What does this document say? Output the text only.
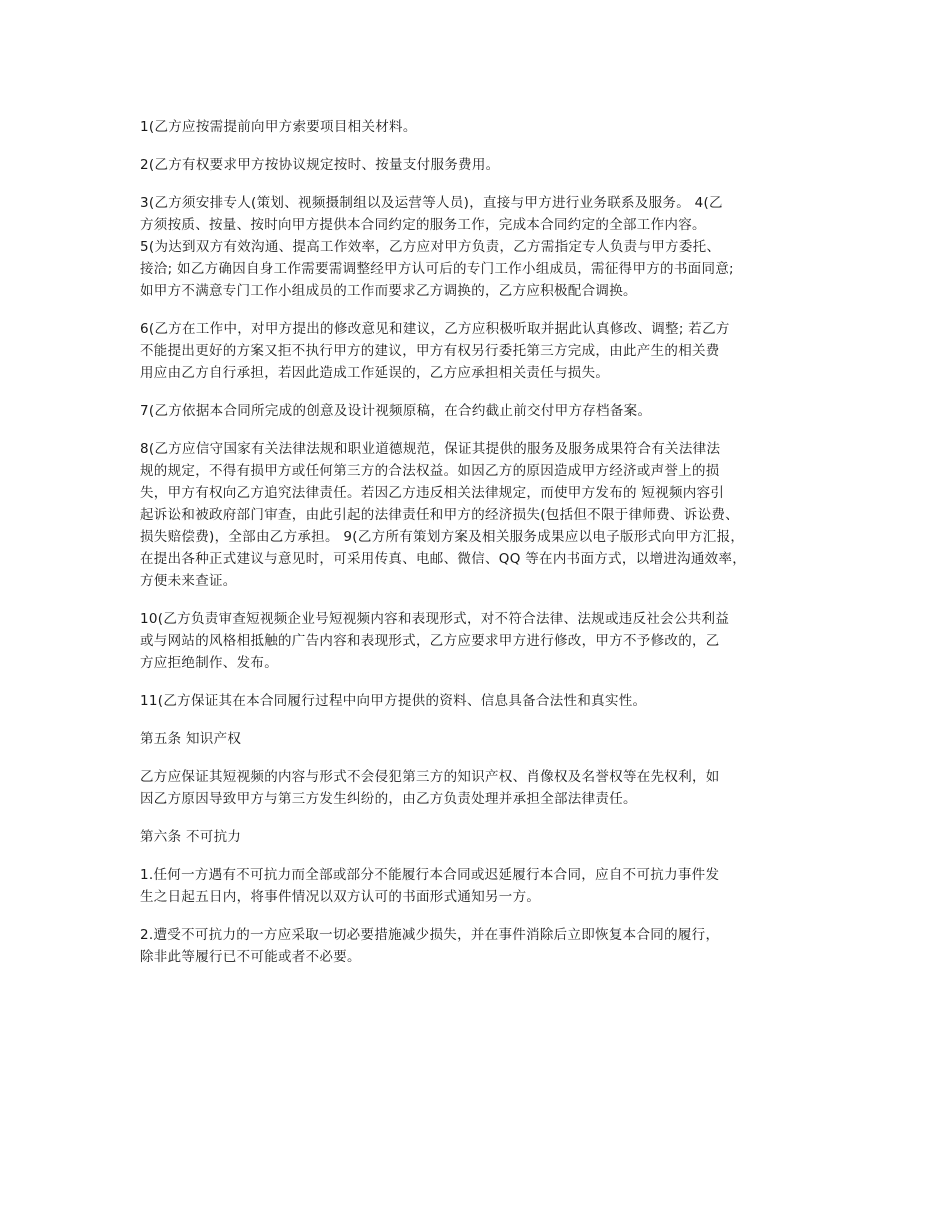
1(乙方应按需提前向甲方索要项目相关材料。

2(乙方有权要求甲方按协议规定按时、按量支付服务费用。

3(乙方须安排专人(策划、视频摄制组以及运营等人员)，直接与甲方进行业务联系及服务。 4(乙
方须按质、按量、按时向甲方提供本合同约定的服务工作，完成本合同约定的全部工作内容。
5(为达到双方有效沟通、提高工作效率，乙方应对甲方负责，乙方需指定专人负责与甲方委托、
接洽; 如乙方确因自身工作需要需调整经甲方认可后的专门工作小组成员，需征得甲方的书面同意;
如甲方不满意专门工作小组成员的工作而要求乙方调换的，乙方应积极配合调换。

6(乙方在工作中，对甲方提出的修改意见和建议，乙方应积极听取并据此认真修改、调整; 若乙方
不能提出更好的方案又拒不执行甲方的建议，甲方有权另行委托第三方完成，由此产生的相关费
用应由乙方自行承担，若因此造成工作延误的，乙方应承担相关责任与损失。

7(乙方依据本合同所完成的创意及设计视频原稿，在合约截止前交付甲方存档备案。

8(乙方应信守国家有关法律法规和职业道德规范，保证其提供的服务及服务成果符合有关法律法
规的规定，不得有损甲方或任何第三方的合法权益。如因乙方的原因造成甲方经济或声誉上的损
失，甲方有权向乙方追究法律责任。若因乙方违反相关法律规定，而使甲方发布的 短视频内容引
起诉讼和被政府部门审查，由此引起的法律责任和甲方的经济损失(包括但不限于律师费、诉讼费、
损失赔偿费)，全部由乙方承担。 9(乙方所有策划方案及相关服务成果应以电子版形式向甲方汇报，
在提出各种正式建议与意见时，可采用传真、电邮、微信、QQ 等在内书面方式，以增进沟通效率，
方便未来查证。

10(乙方负责审查短视频企业号短视频内容和表现形式，对不符合法律、法规或违反社会公共利益
或与网站的风格相抵触的广告内容和表现形式，乙方应要求甲方进行修改，甲方不予修改的，乙
方应拒绝制作、发布。

11(乙方保证其在本合同履行过程中向甲方提供的资料、信息具备合法性和真实性。

第五条 知识产权

乙方应保证其短视频的内容与形式不会侵犯第三方的知识产权、肖像权及名誉权等在先权利，如
因乙方原因导致甲方与第三方发生纠纷的，由乙方负责处理并承担全部法律责任。

第六条 不可抗力

1.任何一方遇有不可抗力而全部或部分不能履行本合同或迟延履行本合同，应自不可抗力事件发
生之日起五日内，将事件情况以双方认可的书面形式通知另一方。

2.遭受不可抗力的一方应采取一切必要措施减少损失，并在事件消除后立即恢复本合同的履行，
除非此等履行已不可能或者不必要。
